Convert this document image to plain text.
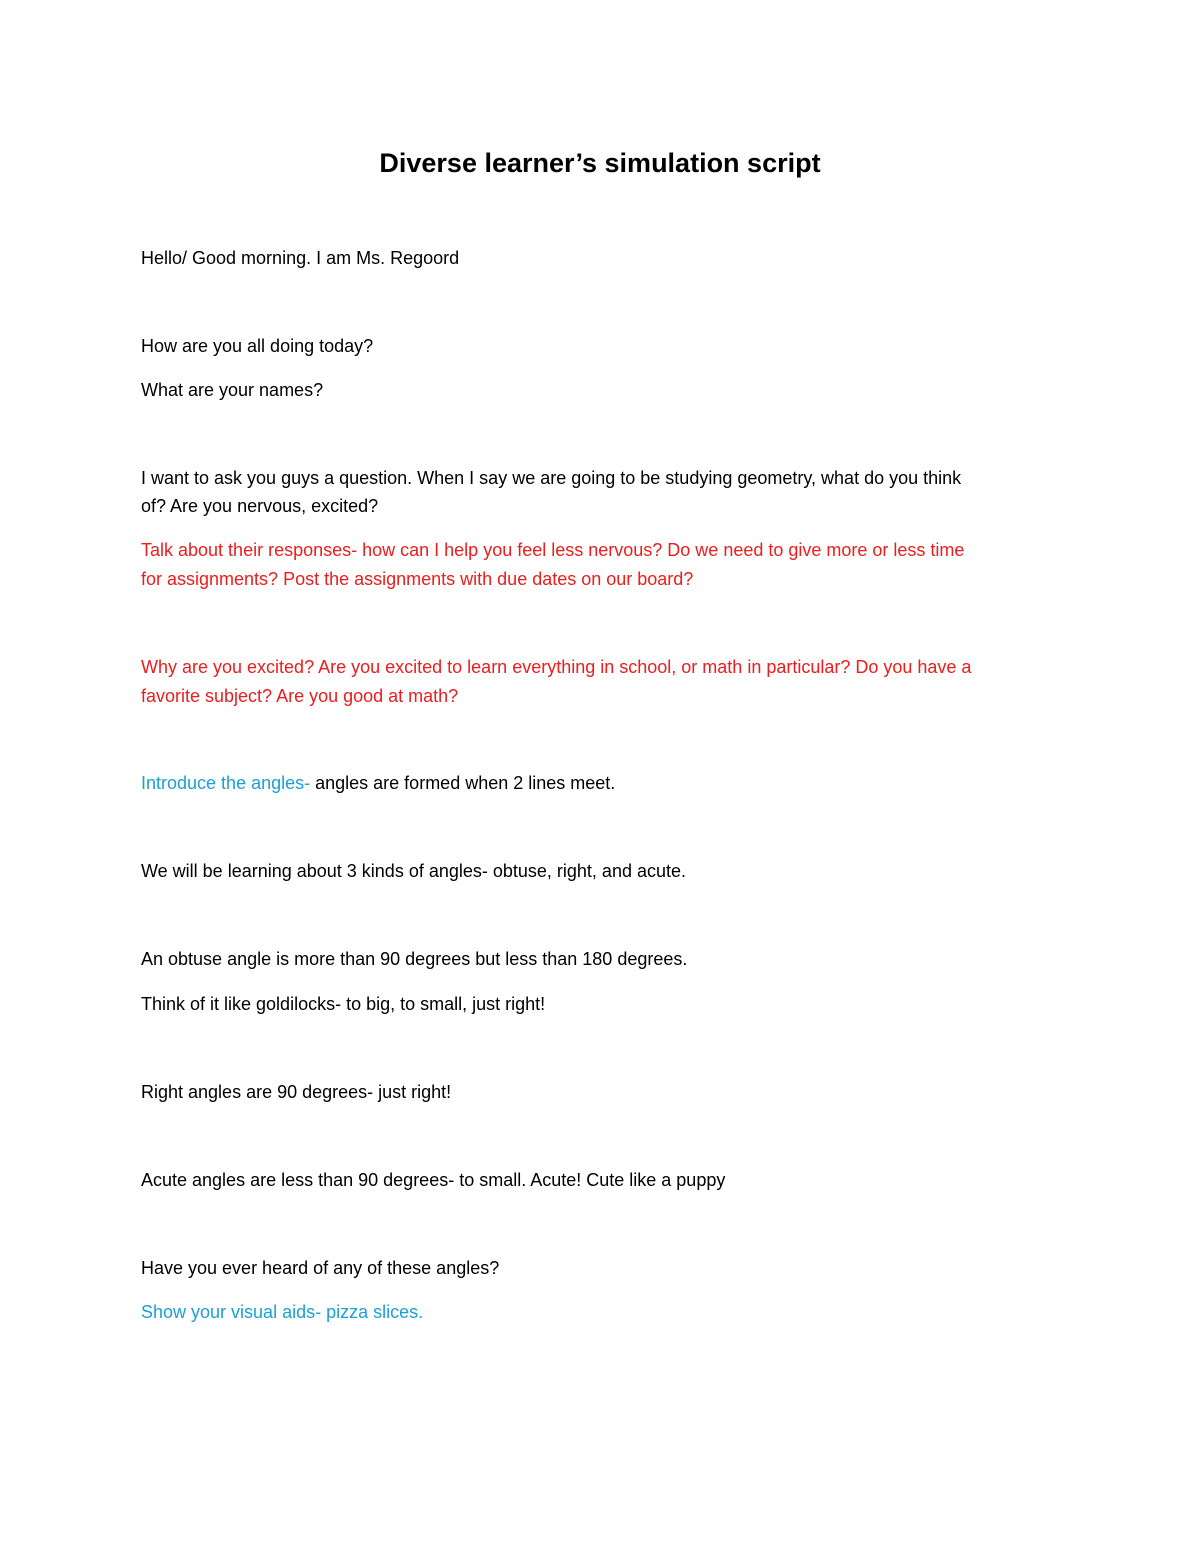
Diverse learner’s simulation script
Hello/ Good morning. I am Ms. Regoord
How are you all doing today?
What are your names?
I want to ask you guys a question. When I say we are going to be studying geometry, what do you think
of? Are you nervous, excited?
Talk about their responses- how can I help you feel less nervous? Do we need to give more or less time
for assignments? Post the assignments with due dates on our board?
Why are you excited? Are you excited to learn everything in school, or math in particular? Do you have a
favorite subject? Are you good at math?
Introduce the angles- angles are formed when 2 lines meet.
We will be learning about 3 kinds of angles- obtuse, right, and acute.
An obtuse angle is more than 90 degrees but less than 180 degrees.
Think of it like goldilocks- to big, to small, just right!
Right angles are 90 degrees- just right!
Acute angles are less than 90 degrees- to small. Acute! Cute like a puppy
Have you ever heard of any of these angles?
Show your visual aids- pizza slices.
